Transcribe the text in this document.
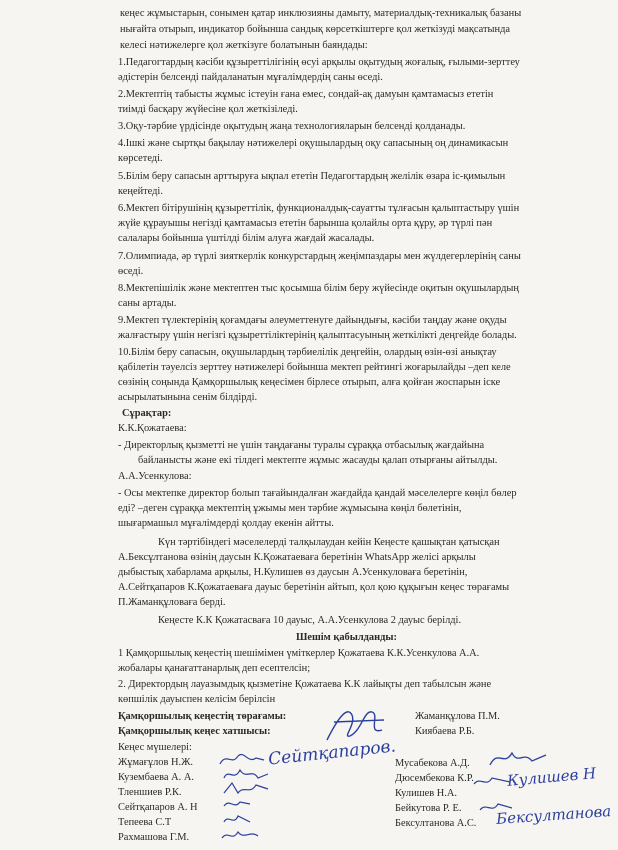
кеңес жұмыстарын, сонымен қатар инклюзияны дамыту, материалдық-техникалық базаны
нығайта отырып, индикатор бойынша сандық көрсеткіштерге қол жеткізуді мақсатында
келесі нәтижелерге қол жеткізуге болатынын баяндады:
1.Педагогтардың кәсіби құзыреттілігінің өсуі арқылы оқытудың жоғалық, ғылыми-зерттеу
әдістерін белсенді пайдаланатын мұғалімдердің саны өседі.
2.Мектептің табысты жұмыс істеуін ғана емес, сондай-ақ дамуын қамтамасыз ететін
тиімді басқару жүйесіне қол жеткізіледі.
3.Оқу-тәрбие үрдісінде оқытудың жаңа технологияларын белсенді қолданады.
4.Ішкі және сыртқы бақылау нәтижелері оқушылардың оқу сапасының оң динамикасын
көрсетеді.
5.Білім беру сапасын арттыруға ықпал ететін Педагогтардың желілік өзара іс-қимылын
кеңейтеді.
6.Мектеп бітірушінің құзыреттілік, функционалдық-сауатты тұлғасын қалыптастыру үшін
жүйе құрауышы негізді қамтамасыз ететін барынша қолайлы орта құру, әр түрлі пән
салалары бойынша үштілді білім алуға жағдай жасалады.
7.Олимпиада, әр түрлі зияткерлік конкурстардың жеңімпаздары мен жүлдегерлерінің саны
өседі.
8.Мектепішілік және мектептен тыс қосымша білім беру жүйесінде оқитын оқушылардың
саны артады.
9.Мектеп түлектерінің қоғамдағы әлеуметтенуге дайындығы, кәсіби таңдау және оқуды
жалғастыру үшін негізгі құзыреттіліктерінің қалыптасуының жеткілікті деңгейде болады.
10.Білім беру сапасын, оқушылардың тәрбиелілік деңгейін, олардың өзін-өзі анықтау
қабілетін тәуелсіз зерттеу нәтижелері бойынша мектеп рейтингі жоғарылайды –деп келе
сөзінің соңында Қамқоршылық кеңесімен бірлесе отырып, алға қойған жоспарын іске
асырылатынына сенім білдірді.
Сұрақтар:
К.К.Қожатаева:
- Директорлық қызметті не үшін таңдағаны туралы сұраққа отбасылық жағдайына
байланысты және екі тілдегі мектепте жұмыс жасауды қалап отырғаны айтылды.
А.А.Усенкулова:
- Осы мектепке директор болып тағайындалған жағдайда қандай мәселелерге көңіл бөлер
еді? –деген сұраққа мектептің ұжымы мен тәрбие жұмысына көңіл бөлетінін,
шығармашыл мұғалімдерді қолдау екенін айтты.
Күн тәртібіндегі мәселелерді талқылаудан кейін Кеңесте қашықтан қатысқан
А.Бексұлтанова өзінің даусын К.Қожатаеваға беретінін WhatsApp желісі арқылы
дыбыстық хабарлама арқылы, Н.Кулишев өз даусын А.Усенкуловаға беретінін,
А.Сейтқапаров К.Қожатаеваға дауыс беретінін айтып, қол қою құқығын кеңес төрағамы
П.Жаманқұловаға берді.
Кеңесте К.К Қожатасваға 10 дауыс, А.А.Усенкулова 2 дауыс берілді.
Шешім қабылданды:
1 Қамқоршылық кеңестің шешімімен үміткерлер Қожатаева К.К.Усенкулова А.А.
жобалары қанағаттанарлық деп есептелсін;
2. Директордың лауазымдық қызметіне Қожатаева К.К лайықты деп табылсын және
көпшілік дауыспен келісім берілсін
Қамқоршылық кеңестің төрағамы:
Қамқоршылық кеңес хатшысы:
Жаманқұлова П.М.
Киябаева Р.Б.
Кеңес мүшелері:
Жұмағұлов Н.Ж.
Кузембаева А. А.
Тленшиев Р.К.
Сейтқапаров А. Н
Тепеева С.Т
Рахмашова Г.М.
Мусабекова А.Д.
Дюсембекова К.Р.
Кулишев Н.А.
Бейкутова Р. Е.
Бексултанова А.С.
Сейтқапаров.
Кулишев Н
Бексултанова
